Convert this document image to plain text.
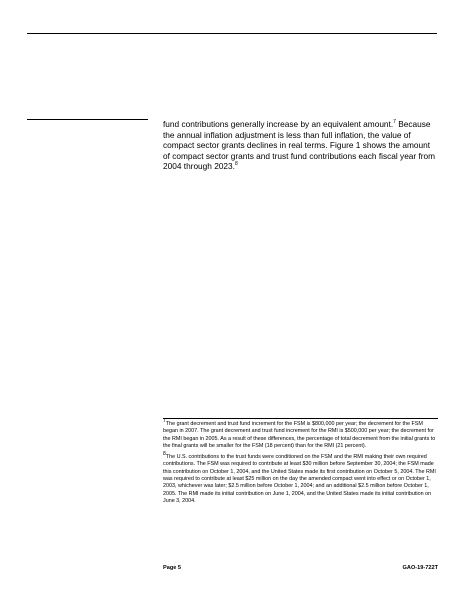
fund contributions generally increase by an equivalent amount.$^7$ Because the annual inflation adjustment is less than full inflation, the value of compact sector grants declines in real terms. Figure 1 shows the amount of compact sector grants and trust fund contributions each fiscal year from 2004 through 2023.$^8$

$^7$The grant decrement and trust fund increment for the FSM is $800,000 per year; the decrement for the FSM began in 2007. The grant decrement and trust fund increment for the RMI is $500,000 per year; the decrement for the RMI began in 2005. As a result of these differences, the percentage of total decrement from the initial grants to the final grants will be smaller for the FSM (18 percent) than for the RMI (21 percent).

$^8$The U.S. contributions to the trust funds were conditioned on the FSM and the RMI making their own required contributions. The FSM was required to contribute at least $30 million before September 30, 2004; the FSM made this contribution on October 1, 2004, and the United States made its first contribution on October 5, 2004. The RMI was required to contribute at least $25 million on the day the amended compact went into effect or on October 1, 2003, whichever was later; $2.5 million before October 1, 2004; and an additional $2.5 million before October 1, 2005. The RMI made its initial contribution on June 1, 2004, and the United States made its initial contribution on June 3, 2004.

Page 5	GAO-19-722T
